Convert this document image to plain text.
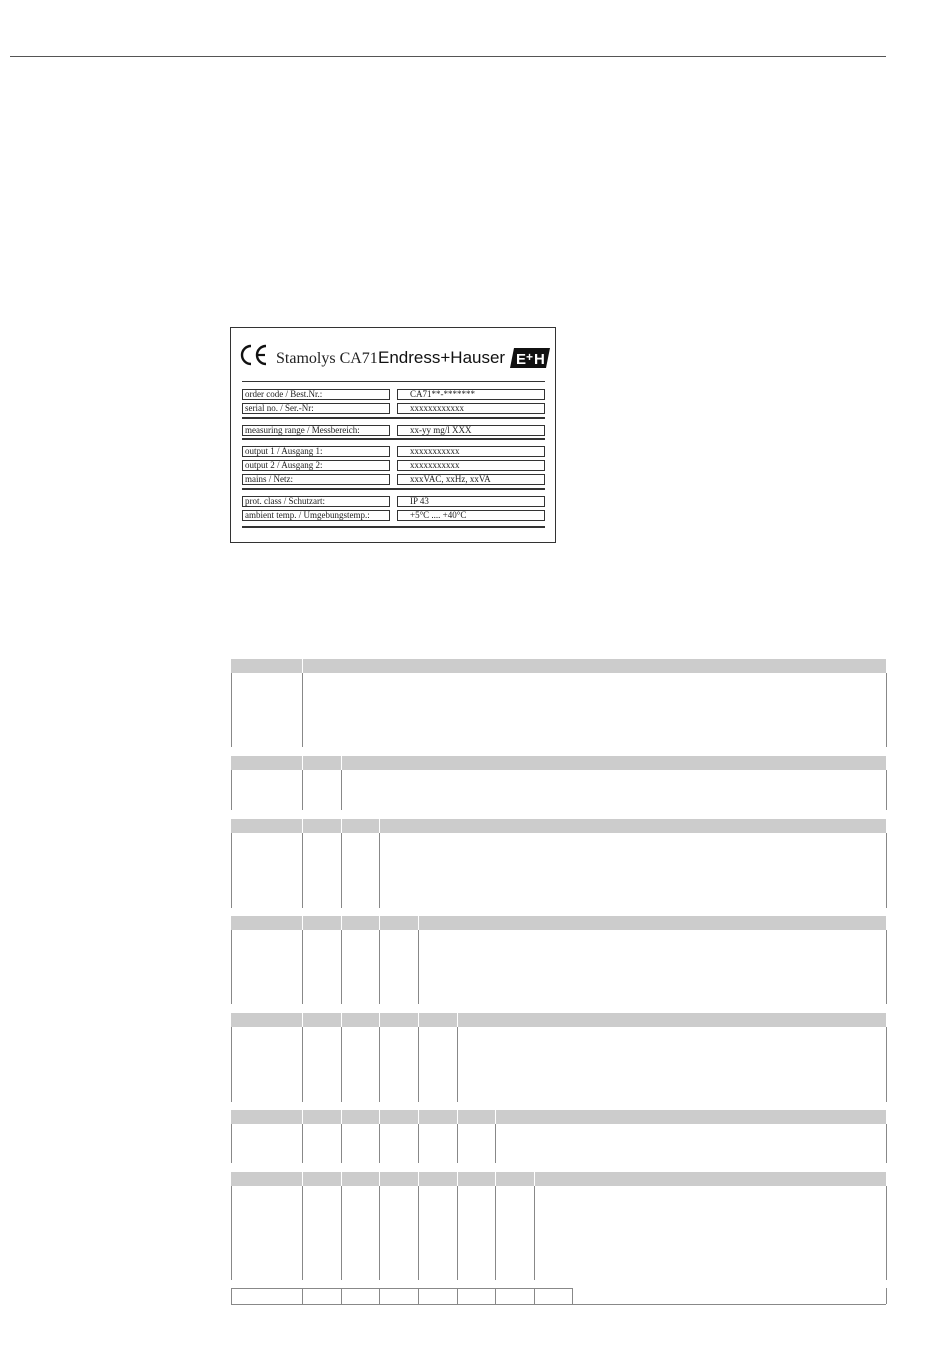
Stamolys CA71 Endress+Hauser E + H
order code / Best.Nr.:	CA71**-*******
serial no. / Ser.-Nr:	xxxxxxxxxxxx
measuring range / Messbereich:	xx-yy mg/l XXX
output 1 / Ausgang 1:	xxxxxxxxxxx
output 2 / Ausgang 2:	xxxxxxxxxxx
mains / Netz:	xxxVAC, xxHz, xxVA
prot. class / Schutzart:	IP 43
ambient temp. / Umgebungstemp.:	+5°C .... +40°C
